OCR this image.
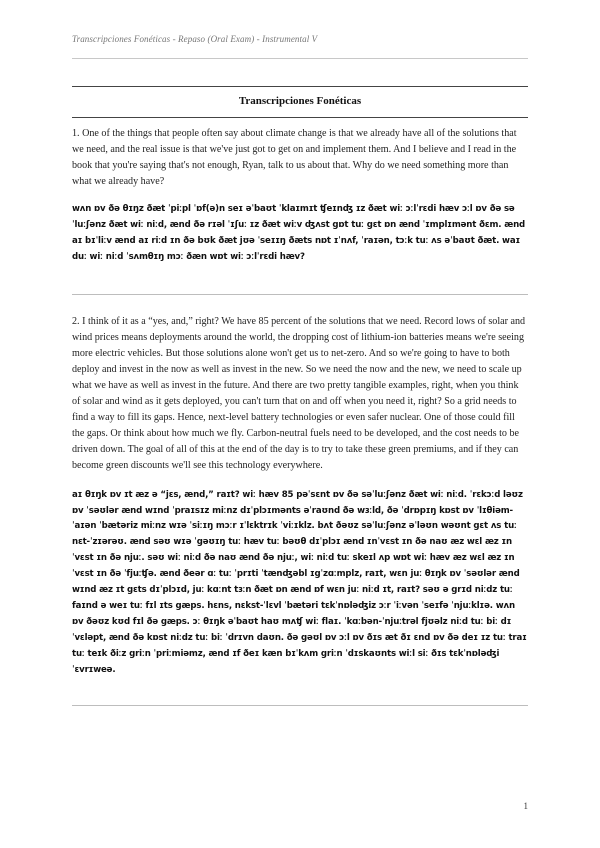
Transcripciones Fonéticas - Repaso (Oral Exam) - Instrumental V
Transcripciones Fonéticas

1. One of the things that people often say about climate change is that we already have all of the solutions that we need, and the real issue is that we've just got to get on and implement them. And I believe and I read in the book that you're saying that's not enough, Ryan, talk to us about that. Why do we need something more than what we already have?

wʌn ɒv ðə θɪŋz ðæt ˈpiːpl ˈɒf(ə)n seɪ əˈbaʊt ˈklaɪmɪt ʧeɪnʤ ɪz ðæt wiː ɔːlˈrɛdi hæv ɔːl ɒv ðə səˈluːʃənz ðæt wiː niːd, ænd ðə rɪəl ˈɪʃuː ɪz ðæt wiːv ʤʌst gɒt tuː gɛt ɒn ænd ˈɪmplɪmənt ðɛm. ænd aɪ bɪˈliːv ænd aɪ riːd ɪn ðə bʊk ðæt jʊə ˈseɪɪŋ ðæts nɒt ɪˈnʌf, ˈraɪən, tɔːk tuː ʌs əˈbaʊt ðæt. waɪ duː wiː niːd ˈsʌmθɪŋ mɔː ðæn wɒt wiː ɔːlˈrɛdi hæv?

2. I think of it as a “yes, and,” right? We have 85 percent of the solutions that we need. Record lows of solar and wind prices means deployments around the world, the dropping cost of lithium-ion batteries means we're seeing more electric vehicles. But those solutions alone won't get us to net-zero. And so we're going to have to both deploy and invest in the now as well as invest in the new. So we need the now and the new, we need to scale up what we have as well as invest in the future. And there are two pretty tangible examples, right, when you think of solar and wind as it gets deployed, you can't turn that on and off when you need it, right? So a grid needs to find a way to fill its gaps. Hence, next-level battery technologies or even safer nuclear. One of those could fill the gaps. Or think about how much we fly. Carbon-neutral fuels need to be developed, and the cost needs to be driven down. The goal of all of this at the end of the day is to try to take these green premiums, and if they can become green discounts we'll see this technology everywhere.

aɪ θɪŋk ɒv ɪt æz ə “jɛs, ænd,” raɪt? wiː hæv 85 pəˈsɛnt ɒv ðə səˈluːʃənz ðæt wiː niːd. ˈrɛkɔːd ləʊz ɒv ˈsəʊlər ænd wɪnd ˈpraɪsɪz miːnz dɪˈplɔɪmənts əˈraʊnd ðə wɜːld, ðə ˈdrɒpɪŋ kɒst ɒv ˈlɪθiəm-ˈaɪən ˈbætəriz miːnz wɪə ˈsiːɪŋ mɔːr ɪˈlɛktrɪk ˈviːɪklz. bʌt ðəʊz səˈluːʃənz əˈləʊn wəʊnt gɛt ʌs tuː nɛt-ˈzɪərəʊ. ænd səʊ wɪə ˈgəʊɪŋ tuː hæv tuː bəʊθ dɪˈplɔɪ ænd ɪnˈvɛst ɪn ðə naʊ æz wɛl æz ɪnˈvɛst ɪn ðə njuː. səʊ wiː niːd ðə naʊ ænd ðə njuː, wiː niːd tuː skeɪl ʌp wɒt wiː hæv æz wɛl æz ɪnˈvɛst ɪn ðə ˈfjuːʧə. ænd ðeər ɑː tuː ˈprɪti ˈtænʤəbl ɪgˈzɑːmplz, raɪt, wɛn juː θɪŋk ɒv ˈsəʊlər ænd wɪnd æz ɪt gɛts dɪˈplɔɪd, juː kɑːnt tɜːn ðæt ɒn ænd ɒf wɛn juː niːd ɪt, raɪt? səʊ ə grɪd niːdz tuː faɪnd ə weɪ tuː fɪl ɪts gæps. hɛns, nɛkst-ˈlɛvl ˈbætəri tɛkˈnɒləʤiz ɔːr ˈiːvən ˈseɪfə ˈnjuːklɪə. wʌn ɒv ðəʊz kʊd fɪl ðə gæps. ɔː θɪŋk əˈbaʊt haʊ mʌʧ wiː flaɪ. ˈkɑːbən-ˈnjuːtrəl fjʊəlz niːd tuː biː dɪˈvɛləpt, ænd ðə kɒst niːdz tuː biː ˈdrɪvn daʊn. ðə gəʊl ɒv ɔːl ɒv ðɪs æt ðɪ ɛnd ɒv ðə deɪ ɪz tuː traɪ tuː teɪk ðiːz griːn ˈpriːmiəmz, ænd ɪf ðeɪ kæn bɪˈkʌm griːn ˈdɪskaʊnts wiːl siː ðɪs tɛkˈnɒləʤi ˈɛvrɪweə.

1
